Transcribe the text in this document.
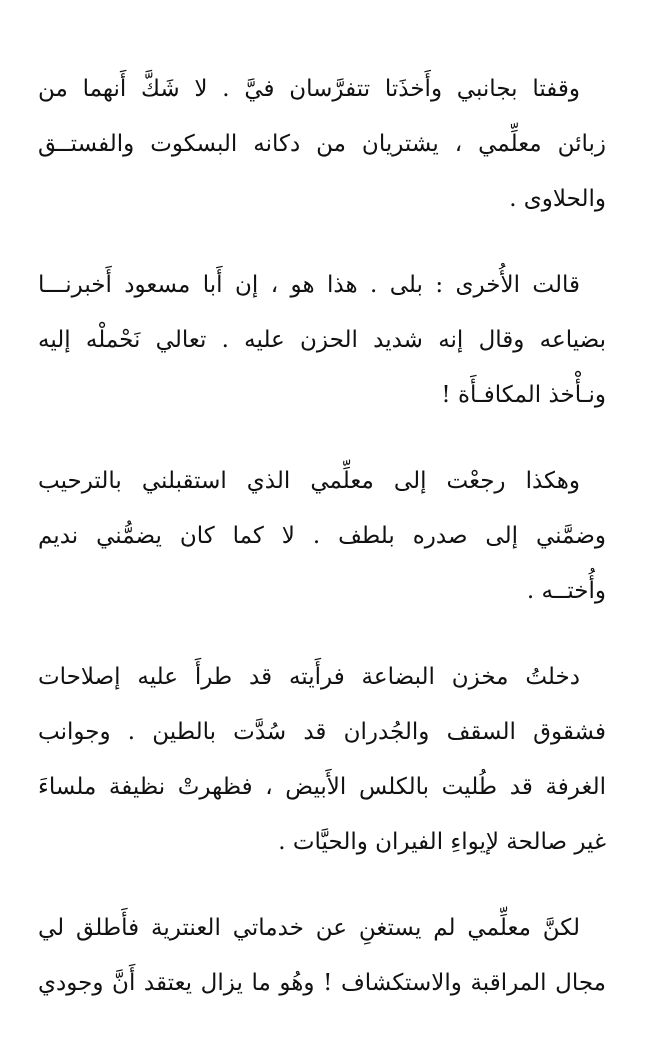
وقفتا بجانبي وأَخذَتا تتفرَّسان فيَّ . لا شَكَّ أَنهما من
زبائن معلِّمي ، يشتريان من دكانه البسكوت والفستــق
والحلاوى .
قالت الأُخرى : بلى . هذا هو ، إن أَبا مسعود أَخبرنـــا
بضياعه وقال إنه شديد الحزن عليه . تعالي نَحْملْه إليه
ونـأْخذ المكافـأَة !
وهكذا رجعْت إلى معلِّمي الذي استقبلني بالترحيب
وضمَّني إلى صدره بلطف . لا كما كان يضمُّني نديم
وأُختــه .
دخلتُ مخزن البضاعة فرأَيته قد طرأَ عليه إصلاحات
فشقوق السقف والجُدران قد سُدَّت بالطين . وجوانب
الغرفة قد طُليت بالكلس الأَبيض ، فظهرتْ نظيفة ملساءَ
غير صالحة لإيواءِ الفيران والحيَّات .
لكنَّ معلِّمي لم يستغنِ عن خدماتي العنترية فأَطلق لي
مجال المراقبة والاستكشاف ! وهُو ما يزال يعتقد أَنَّ وجودي
